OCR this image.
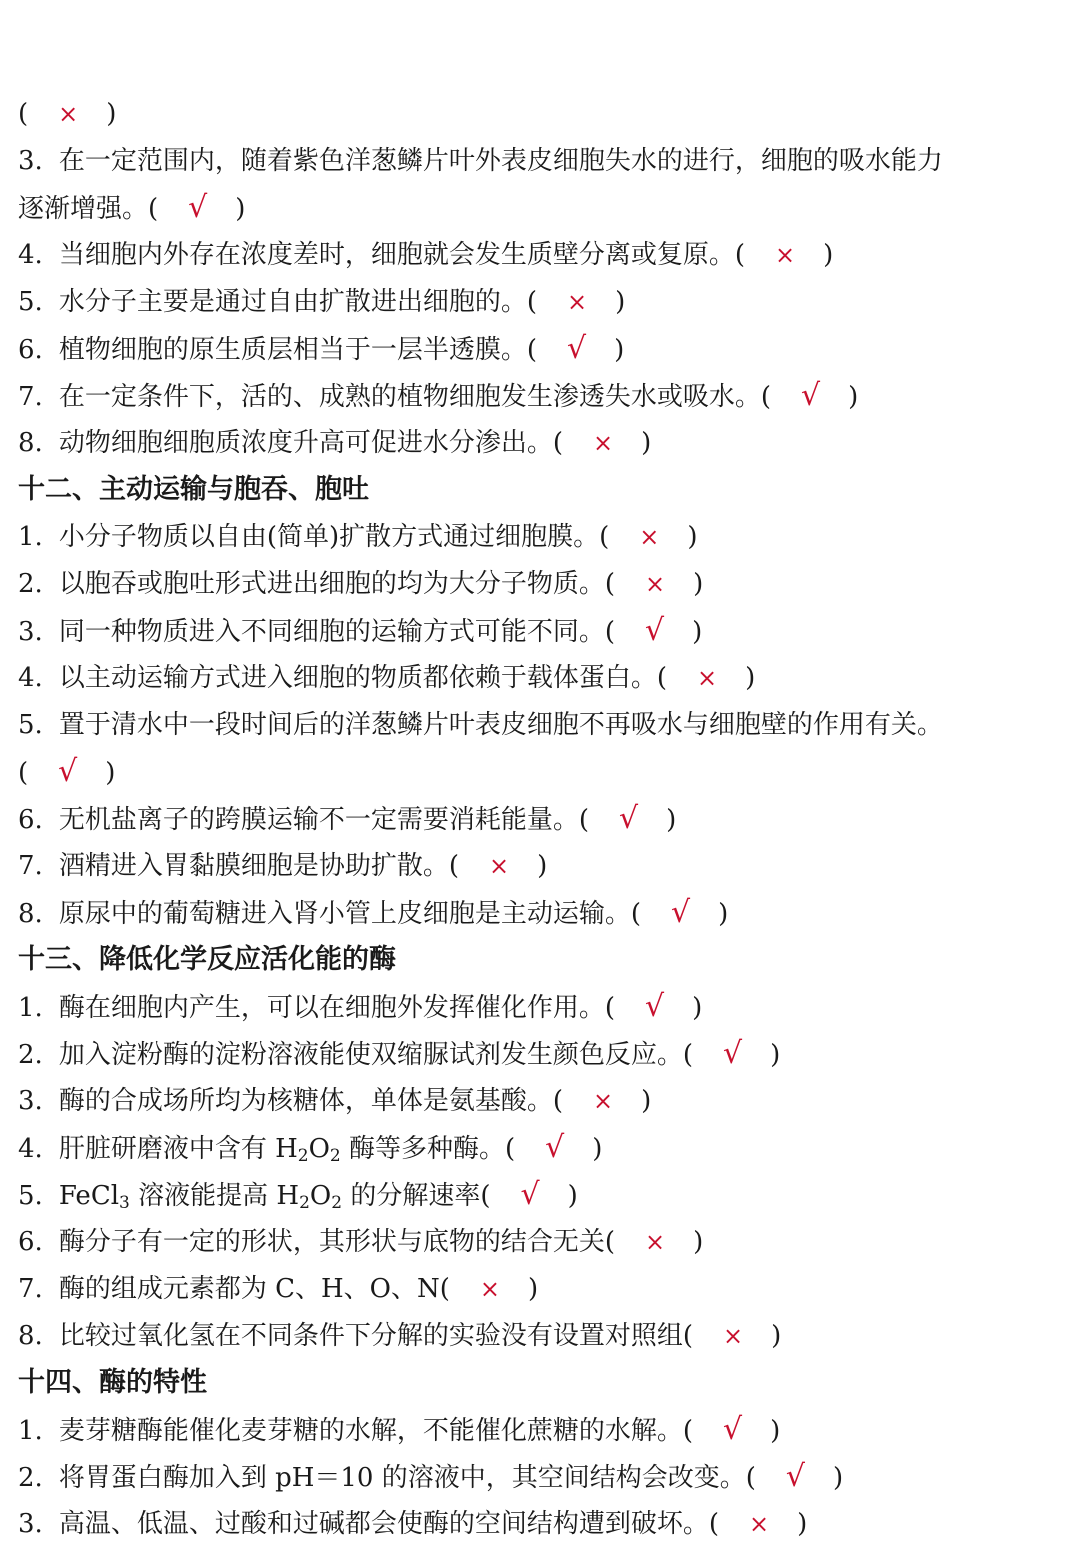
( × )
3. 在一定范围内，随着紫色洋葱鳞片叶外表皮细胞失水的进行，细胞的吸水能力
逐渐增强。( √ )
4. 当细胞内外存在浓度差时，细胞就会发生质壁分离或复原。( × )
5. 水分子主要是通过自由扩散进出细胞的。( × )
6. 植物细胞的原生质层相当于一层半透膜。( √ )
7. 在一定条件下，活的、成熟的植物细胞发生渗透失水或吸水。( √ )
8. 动物细胞细胞质浓度升高可促进水分渗出。( × )
十二、主动运输与胞吞、胞吐
1. 小分子物质以自由(简单)扩散方式通过细胞膜。( × )
2. 以胞吞或胞吐形式进出细胞的均为大分子物质。( × )
3. 同一种物质进入不同细胞的运输方式可能不同。( √ )
4. 以主动运输方式进入细胞的物质都依赖于载体蛋白。( × )
5. 置于清水中一段时间后的洋葱鳞片叶表皮细胞不再吸水与细胞壁的作用有关。
( √ )
6. 无机盐离子的跨膜运输不一定需要消耗能量。( √ )
7. 酒精进入胃黏膜细胞是协助扩散。( × )
8. 原尿中的葡萄糖进入肾小管上皮细胞是主动运输。( √ )
十三、降低化学反应活化能的酶
1. 酶在细胞内产生，可以在细胞外发挥催化作用。( √ )
2. 加入淀粉酶的淀粉溶液能使双缩脲试剂发生颜色反应。( √ )
3. 酶的合成场所均为核糖体，单体是氨基酸。( × )
4. 肝脏研磨液中含有 $H_2O_2$ 酶等多种酶。( √ )
5. FeCl$_3$ 溶液能提高 $H_2O_2$ 的分解速率( √ )
6. 酶分子有一定的形状，其形状与底物的结合无关( × )
7. 酶的组成元素都为 C、H、O、N( × )
8. 比较过氧化氢在不同条件下分解的实验没有设置对照组( × )
十四、酶的特性
1. 麦芽糖酶能催化麦芽糖的水解，不能催化蔗糖的水解。( √ )
2. 将胃蛋白酶加入到 pH＝10 的溶液中，其空间结构会改变。( √ )
3. 高温、低温、过酸和过碱都会使酶的空间结构遭到破坏。( × )
